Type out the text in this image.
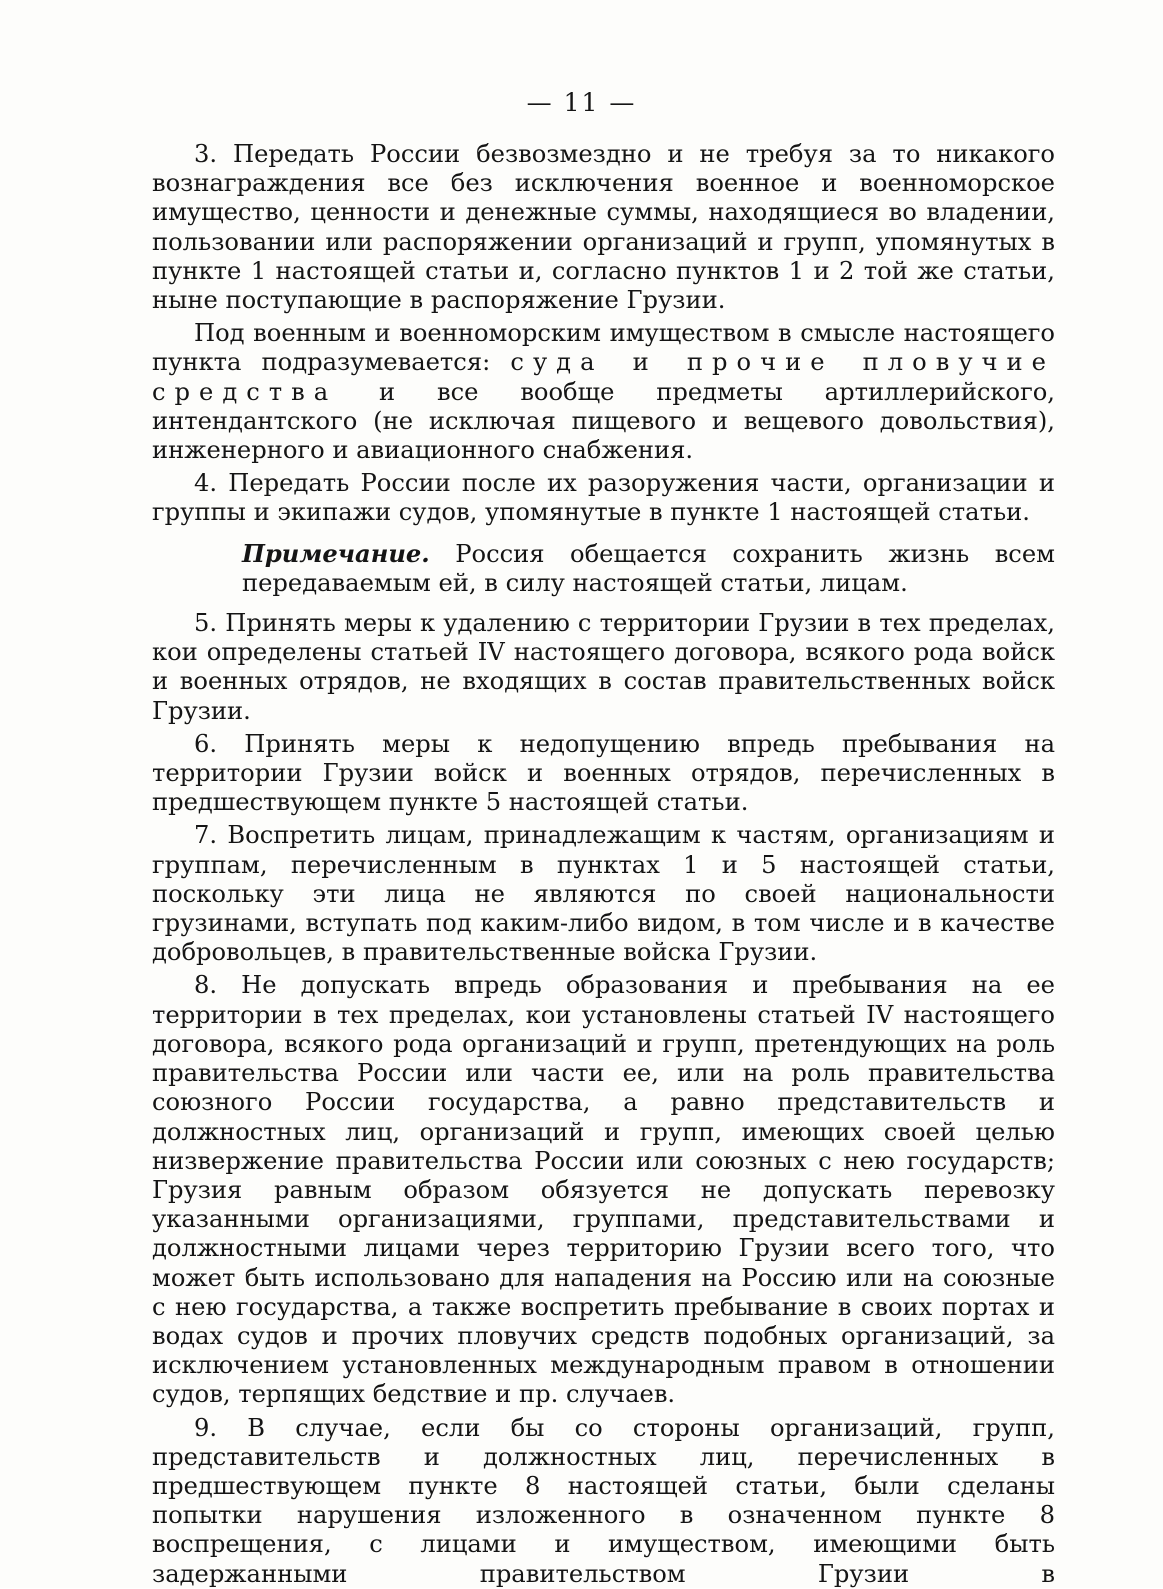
— 11 —

3. Передать России безвозмездно и не требуя за то никакого вознаграждения все без исключения военное и военноморское имущество, ценности и денежные суммы, находящиеся во владении, пользовании или распоряжении организаций и групп, упомянутых в пункте 1 настоящей статьи и, согласно пунктов 1 и 2 той же статьи, ныне поступающие в распоряжение Грузии.

Под военным и военноморским имуществом в смысле настоящего пункта подразумевается: суда и прочие пловучие средства и все вообще предметы артиллерийского, интендантского (не исключая пищевого и вещевого довольствия), инженерного и авиационного снабжения.

4. Передать России после их разоружения части, организации и группы и экипажи судов, упомянутые в пункте 1 настоящей статьи.

Примечание. Россия обещается сохранить жизнь всем передаваемым ей, в силу настоящей статьи, лицам.

5. Принять меры к удалению с территории Грузии в тех пределах, кои определены статьей IV настоящего договора, всякого рода войск и военных отрядов, не входящих в состав правительственных войск Грузии.

6. Принять меры к недопущению впредь пребывания на территории Грузии войск и военных отрядов, перечисленных в предшествующем пункте 5 настоящей статьи.

7. Воспретить лицам, принадлежащим к частям, организациям и группам, перечисленным в пунктах 1 и 5 настоящей статьи, поскольку эти лица не являются по своей национальности грузинами, вступать под каким-либо видом, в том числе и в качестве добровольцев, в правительственные войска Грузии.

8. Не допускать впредь образования и пребывания на ее территории в тех пределах, кои установлены статьей IV настоящего договора, всякого рода организаций и групп, претендующих на роль правительства России или части ее, или на роль правительства союзного России государства, а равно представительств и должностных лиц, организаций и групп, имеющих своей целью низвержение правительства России или союзных с нею государств; Грузия равным образом обязуется не допускать перевозку указанными организациями, группами, представительствами и должностными лицами через территорию Грузии всего того, что может быть использовано для нападения на Россию или на союзные с нею государства, а также воспретить пребывание в своих портах и водах судов и прочих пловучих средств подобных организаций, за исключением установленных международным правом в отношении судов, терпящих бедствие и пр. случаев.

9. В случае, если бы со стороны организаций, групп, представительств и должностных лиц, перечисленных в предшествующем пункте 8 настоящей статьи, были сделаны попытки нарушения изложенного в означенном пункте 8 воспрещения, с лицами и имуществом, имеющими быть задержанными правительством Грузии в
